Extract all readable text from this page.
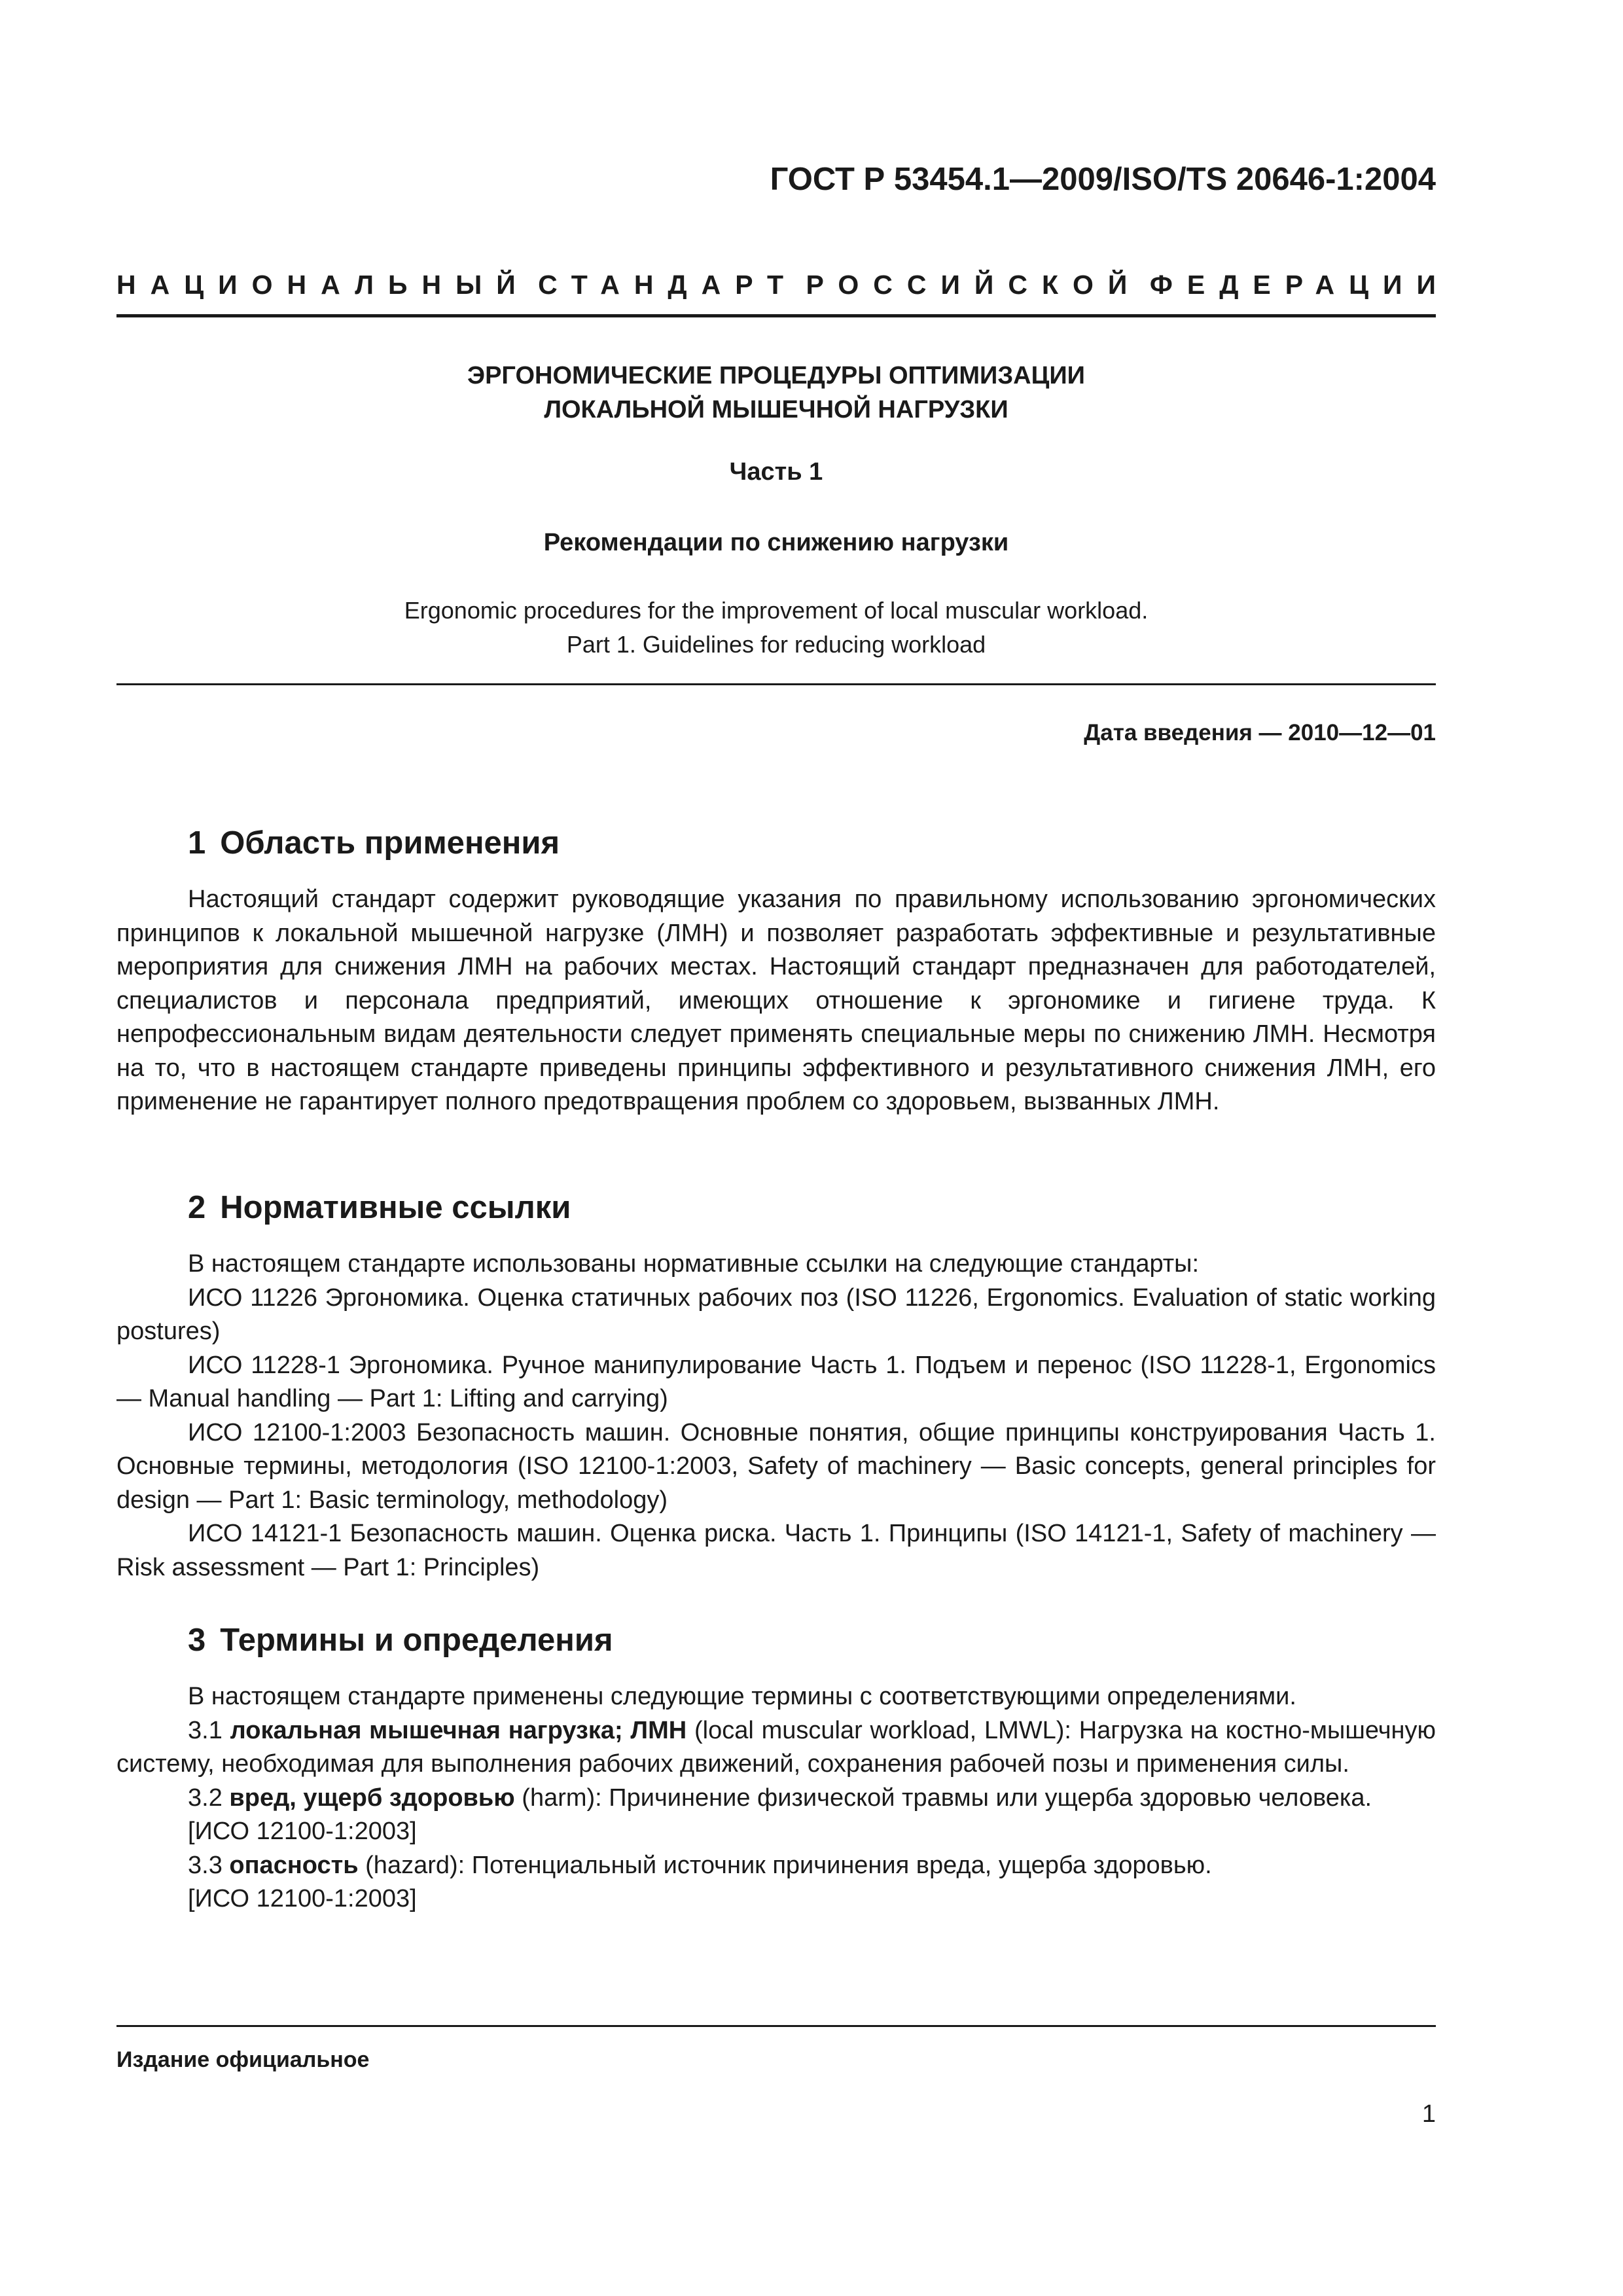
ГОСТ Р 53454.1—2009/ISO/TS 20646-1:2004
НАЦИОНАЛЬНЫЙ СТАНДАРТ РОССИЙСКОЙ ФЕДЕРАЦИИ
ЭРГОНОМИЧЕСКИЕ ПРОЦЕДУРЫ ОПТИМИЗАЦИИ
ЛОКАЛЬНОЙ МЫШЕЧНОЙ НАГРУЗКИ
Часть 1
Рекомендации по снижению нагрузки
Ergonomic procedures for the improvement of local muscular workload.
Part 1. Guidelines for reducing workload
Дата введения — 2010—12—01
1 Область применения

Настоящий стандарт содержит руководящие указания по правильному использованию эргономических принципов к локальной мышечной нагрузке (ЛМН) и позволяет разработать эффективные и результативные мероприятия для снижения ЛМН на рабочих местах. Настоящий стандарт предназначен для работодателей, специалистов и персонала предприятий, имеющих отношение к эргономике и гигиене труда. К непрофессиональным видам деятельности следует применять специальные меры по снижению ЛМН. Несмотря на то, что в настоящем стандарте приведены принципы эффективного и результативного снижения ЛМН, его применение не гарантирует полного предотвращения проблем со здоровьем, вызванных ЛМН.

2 Нормативные ссылки

В настоящем стандарте использованы нормативные ссылки на следующие стандарты:

ИСО 11226 Эргономика. Оценка статичных рабочих поз (ISO 11226, Ergonomics. Evaluation of static working postures)

ИСО 11228-1 Эргономика. Ручное манипулирование Часть 1. Подъем и перенос (ISO 11228-1, Ergonomics — Manual handling — Part 1: Lifting and carrying)

ИСО 12100-1:2003 Безопасность машин. Основные понятия, общие принципы конструирования Часть 1. Основные термины, методология (ISO 12100-1:2003, Safety of machinery — Basic concepts, general principles for design — Part 1: Basic terminology, methodology)

ИСО 14121-1 Безопасность машин. Оценка риска. Часть 1. Принципы (ISO 14121-1, Safety of machinery — Risk assessment — Part 1: Principles)

3 Термины и определения

В настоящем стандарте применены следующие термины с соответствующими определениями.

3.1 локальная мышечная нагрузка; ЛМН (local muscular workload, LMWL): Нагрузка на костно-мышечную систему, необходимая для выполнения рабочих движений, сохранения рабочей позы и применения силы.

3.2 вред, ущерб здоровью (harm): Причинение физической травмы или ущерба здоровью человека.

[ИСО 12100-1:2003]

3.3 опасность (hazard): Потенциальный источник причинения вреда, ущерба здоровью.

[ИСО 12100-1:2003]

Издание официальное
1
